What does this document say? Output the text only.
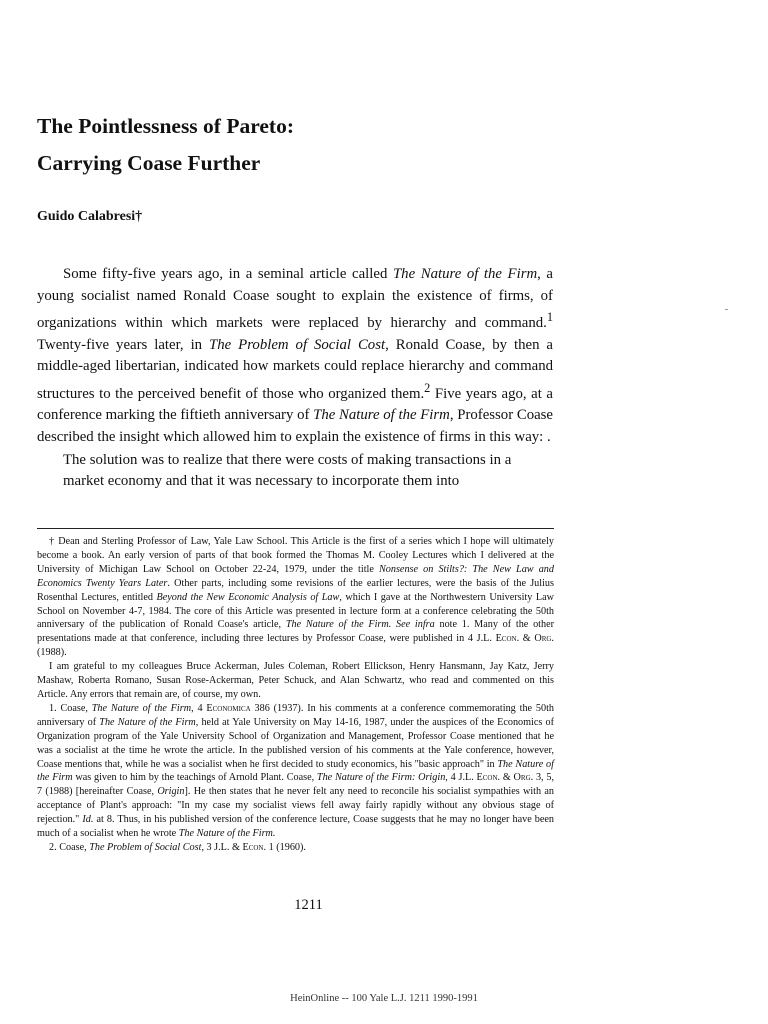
The Pointlessness of Pareto:
Carrying Coase Further

Guido Calabresi†

Some fifty-five years ago, in a seminal article called The Nature of the Firm, a young socialist named Ronald Coase sought to explain the existence of firms, of organizations within which markets were replaced by hierarchy and command.$^1$ Twenty-five years later, in The Problem of Social Cost, Ronald Coase, by then a middle-aged libertarian, indicated how markets could replace hierarchy and command structures to the perceived benefit of those who organized them.$^2$ Five years ago, at a conference marking the fiftieth anniversary of The Nature of the Firm, Professor Coase described the insight which allowed him to explain the existence of firms in this way: .

The solution was to realize that there were costs of making transactions in a market economy and that it was necessary to incorporate them into

† Dean and Sterling Professor of Law, Yale Law School. This Article is the first of a series which I hope will ultimately become a book. An early version of parts of that book formed the Thomas M. Cooley Lectures which I delivered at the University of Michigan Law School on October 22-24, 1979, under the title Nonsense on Stilts?: The New Law and Economics Twenty Years Later. Other parts, including some revisions of the earlier lectures, were the basis of the Julius Rosenthal Lectures, entitled Beyond the New Economic Analysis of Law, which I gave at the Northwestern University Law School on November 4-7, 1984. The core of this Article was presented in lecture form at a conference celebrating the 50th anniversary of the publication of Ronald Coase's article, The Nature of the Firm. See infra note 1. Many of the other presentations made at that conference, including three lectures by Professor Coase, were published in 4 J.L. Econ. & Org. (1988).

I am grateful to my colleagues Bruce Ackerman, Jules Coleman, Robert Ellickson, Henry Hansmann, Jay Katz, Jerry Mashaw, Roberta Romano, Susan Rose-Ackerman, Peter Schuck, and Alan Schwartz, who read and commented on this Article. Any errors that remain are, of course, my own.

1. Coase, The Nature of the Firm, 4 Economica 386 (1937). In his comments at a conference commemorating the 50th anniversary of The Nature of the Firm, held at Yale University on May 14-16, 1987, under the auspices of the Economics of Organization program of the Yale University School of Organization and Management, Professor Coase mentioned that he was a socialist at the time he wrote the article. In the published version of his comments at the Yale conference, however, Coase mentions that, while he was a socialist when he first decided to study economics, his "basic approach" in The Nature of the Firm was given to him by the teachings of Arnold Plant. Coase, The Nature of the Firm: Origin, 4 J.L. Econ. & Org. 3, 5, 7 (1988) [hereinafter Coase, Origin]. He then states that he never felt any need to reconcile his socialist sympathies with an acceptance of Plant's approach: "In my case my socialist views fell away fairly rapidly without any obvious stage of rejection." Id. at 8. Thus, in his published version of the conference lecture, Coase suggests that he may no longer have been much of a socialist when he wrote The Nature of the Firm.

2. Coase, The Problem of Social Cost, 3 J.L. & Econ. 1 (1960).

1211
HeinOnline -- 100 Yale L.J. 1211 1990-1991
